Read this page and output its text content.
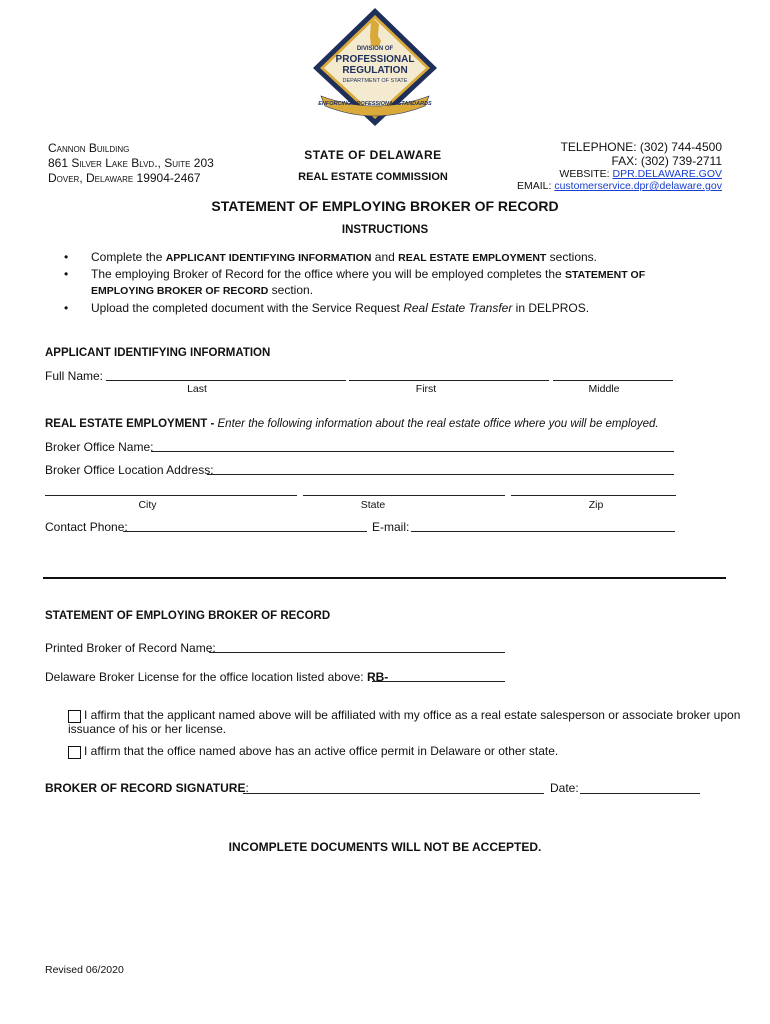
DIVISION OF
PROFESSIONAL
REGULATION
DEPARTMENT OF STATE
ENFORCING PROFESSIONAL STANDARDS
Cannon Building
861 Silver Lake Blvd., Suite 203
Dover, Delaware 19904-2467
STATE OF DELAWARE
REAL ESTATE COMMISSION
TELEPHONE: (302) 744-4500
FAX: (302) 739-2711
WEBSITE: DPR.DELAWARE.GOV
EMAIL: customerservice.dpr@delaware.gov
STATEMENT OF EMPLOYING BROKER OF RECORD
INSTRUCTIONS
• Complete the APPLICANT IDENTIFYING INFORMATION and REAL ESTATE EMPLOYMENT sections.
• The employing Broker of Record for the office where you will be employed completes the STATEMENT OF EMPLOYING BROKER OF RECORD section.
• Upload the completed document with the Service Request Real Estate Transfer in DELPROS.
APPLICANT IDENTIFYING INFORMATION
Full Name:
Last	First	Middle
REAL ESTATE EMPLOYMENT - Enter the following information about the real estate office where you will be employed.
Broker Office Name:
Broker Office Location Address:
City	State	Zip
Contact Phone:	E-mail:
STATEMENT OF EMPLOYING BROKER OF RECORD
Printed Broker of Record Name:
Delaware Broker License for the office location listed above: RB-
I affirm that the applicant named above will be affiliated with my office as a real estate salesperson or associate broker upon
issuance of his or her license.
I affirm that the office named above has an active office permit in Delaware or other state.
BROKER OF RECORD SIGNATURE:	Date:
INCOMPLETE DOCUMENTS WILL NOT BE ACCEPTED.
Revised 06/2020
